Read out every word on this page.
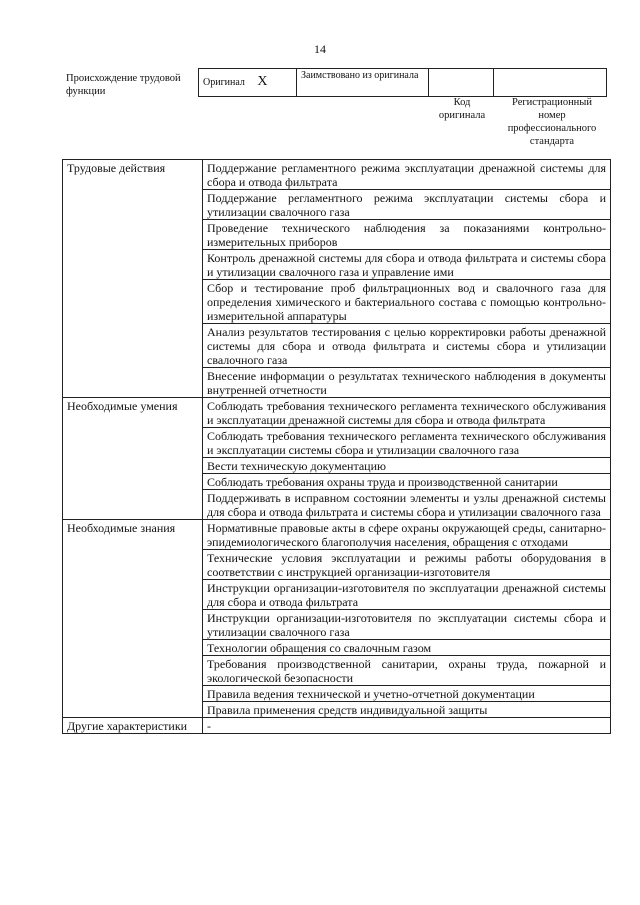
14
Происхождение трудовой функции
Оригинал X	Заимствовано из оригинала		
Код оригинала
Регистрационный номер профессионального стандарта
Трудовые действия	Поддержание регламентного режима эксплуатации дренажной системы для сбора и отвода фильтрата
	Поддержание регламентного режима эксплуатации системы сбора и утилизации свалочного газа
	Проведение технического наблюдения за показаниями контрольно-измерительных приборов
	Контроль дренажной системы для сбора и отвода фильтрата и системы сбора и утилизации свалочного газа и управление ими
	Сбор и тестирование проб фильтрационных вод и свалочного газа для определения химического и бактериального состава с помощью контрольно-измерительной аппаратуры
	Анализ результатов тестирования с целью корректировки работы дренажной системы для сбора и отвода фильтрата и системы сбора и утилизации свалочного газа
	Внесение информации о результатах технического наблюдения в документы внутренней отчетности
Необходимые умения	Соблюдать требования технического регламента технического обслуживания и эксплуатации дренажной системы для сбора и отвода фильтрата
	Соблюдать требования технического регламента технического обслуживания и эксплуатации системы сбора и утилизации свалочного газа
	Вести техническую документацию
	Соблюдать требования охраны труда и производственной санитарии
	Поддерживать в исправном состоянии элементы и узлы дренажной системы для сбора и отвода фильтрата и системы сбора и утилизации свалочного газа
Необходимые знания	Нормативные правовые акты в сфере охраны окружающей среды, санитарно-эпидемиологического благополучия населения, обращения с отходами
	Технические условия эксплуатации и режимы работы оборудования в соответствии с инструкцией организации-изготовителя
	Инструкции организации-изготовителя по эксплуатации дренажной системы для сбора и отвода фильтрата
	Инструкции организации-изготовителя по эксплуатации системы сбора и утилизации свалочного газа
	Технологии обращения со свалочным газом
	Требования производственной санитарии, охраны труда, пожарной и экологической безопасности
	Правила ведения технической и учетно-отчетной документации
	Правила применения средств индивидуальной защиты
Другие характеристики	-
